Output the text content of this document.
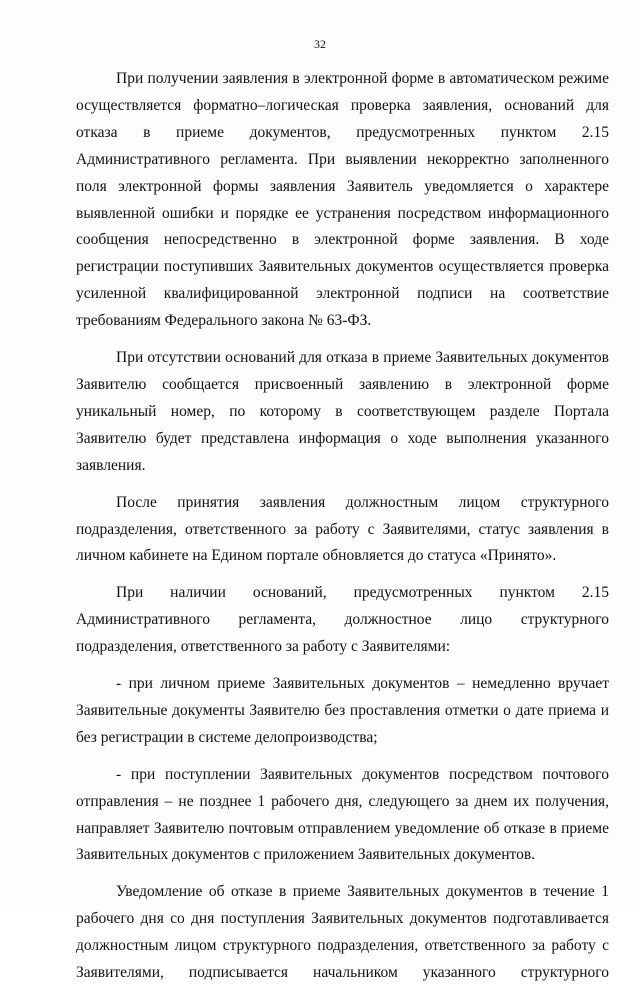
32

При получении заявления в электронной форме в автоматическом режиме осуществляется форматно–логическая проверка заявления, оснований для отказа в приеме документов, предусмотренных пунктом 2.15 Административного регламента. При выявлении некорректно заполненного поля электронной формы заявления Заявитель уведомляется о характере выявленной ошибки и порядке ее устранения посредством информационного сообщения непосредственно в электронной форме заявления. В ходе регистрации поступивших Заявительных документов осуществляется проверка усиленной квалифицированной электронной подписи на соответствие требованиям Федерального закона № 63-ФЗ.

При отсутствии оснований для отказа в приеме Заявительных документов Заявителю сообщается присвоенный заявлению в электронной форме уникальный номер, по которому в соответствующем разделе Портала Заявителю будет представлена информация о ходе выполнения указанного заявления.

После принятия заявления должностным лицом структурного подразделения, ответственного за работу с Заявителями, статус заявления в личном кабинете на Едином портале обновляется до статуса «Принято».

При наличии оснований, предусмотренных пунктом 2.15 Административного регламента, должностное лицо структурного подразделения, ответственного за работу с Заявителями:

- при личном приеме Заявительных документов – немедленно вручает Заявительные документы Заявителю без проставления отметки о дате приема и без регистрации в системе делопроизводства;

- при поступлении Заявительных документов посредством почтового отправления – не позднее 1 рабочего дня, следующего за днем их получения, направляет Заявителю почтовым отправлением уведомление об отказе в приеме Заявительных документов с приложением Заявительных документов.

Уведомление об отказе в приеме Заявительных документов в течение 1 рабочего дня со дня поступления Заявительных документов подготавливается должностным лицом структурного подразделения, ответственного за работу с Заявителями, подписывается начальником указанного структурного
